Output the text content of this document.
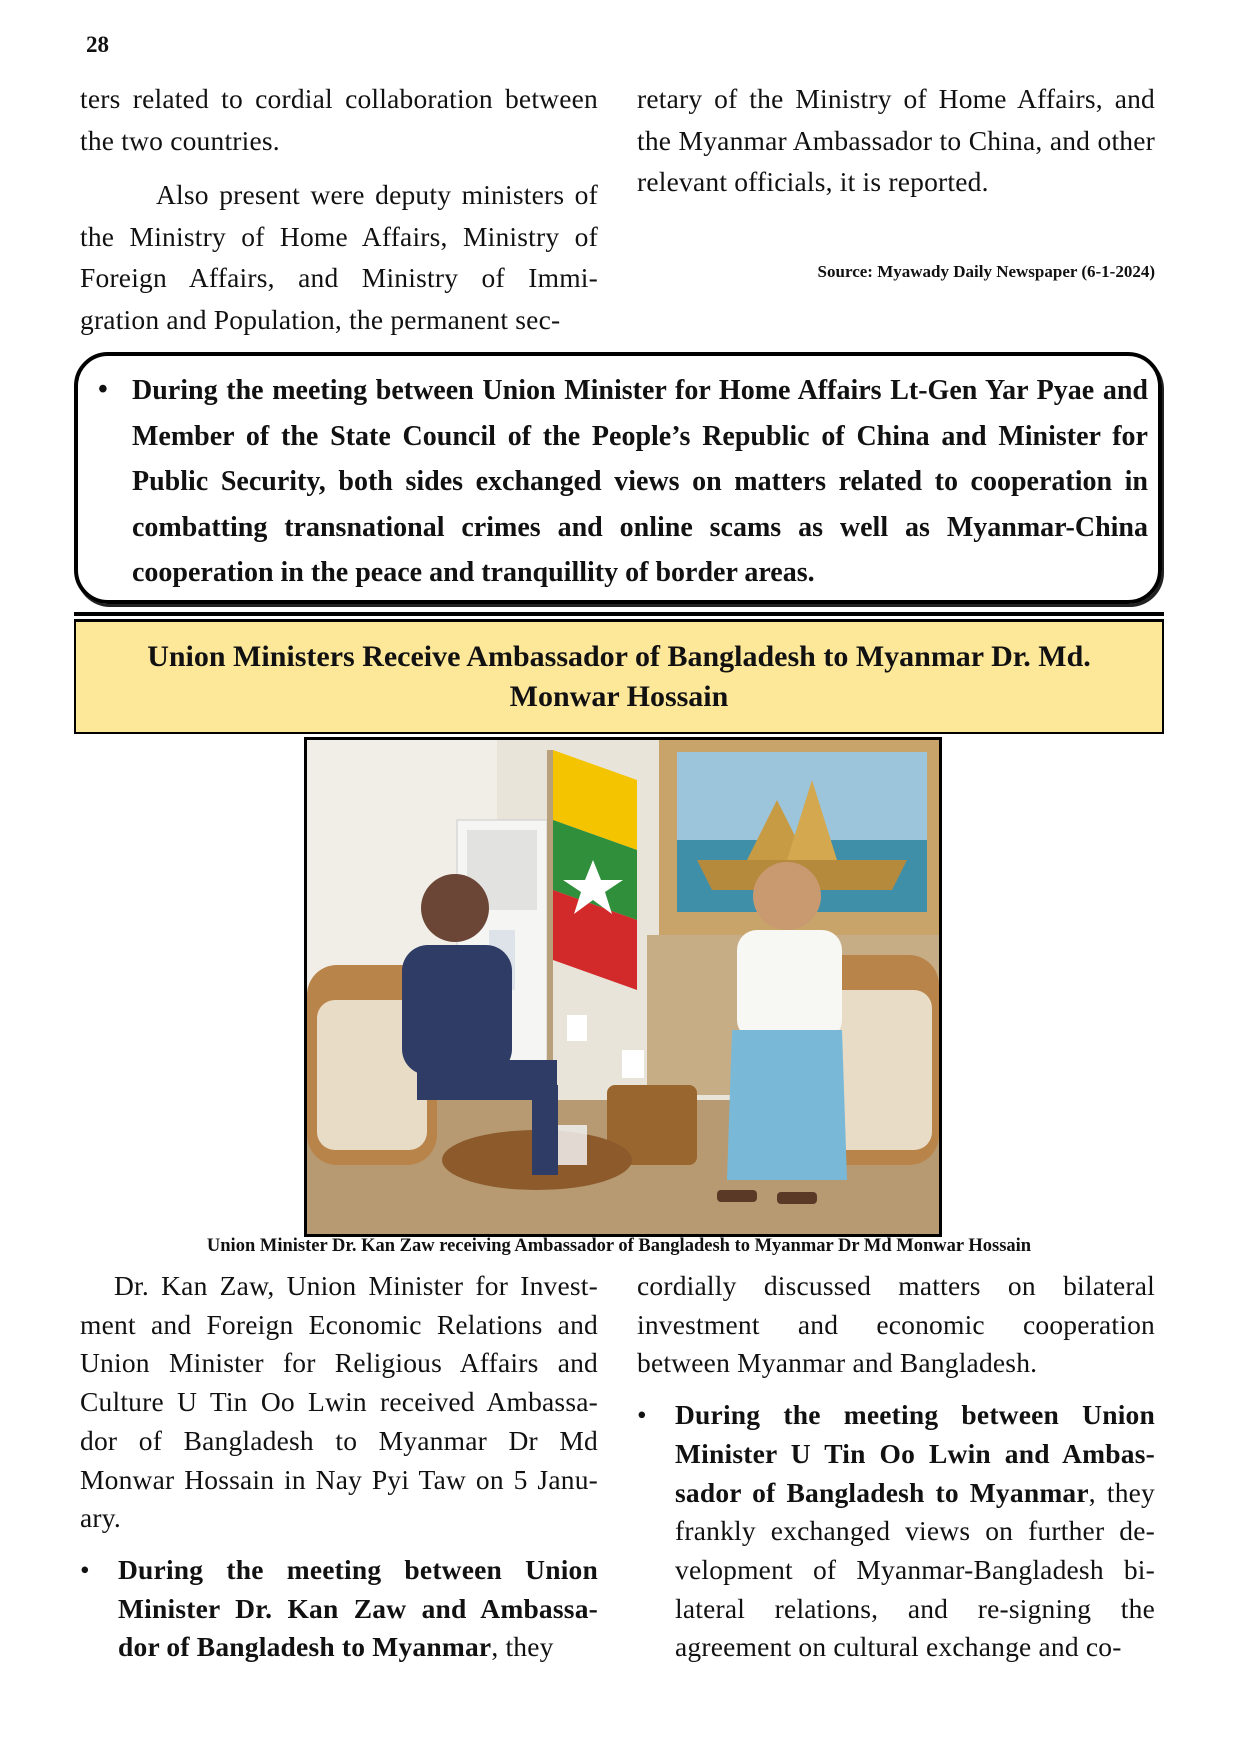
28

ters related to cordial collaboration between the two countries.

Also present were deputy ministers of the Ministry of Home Affairs, Ministry of Foreign Affairs, and Ministry of Immi- gration and Population, the permanent sec-

retary of the Ministry of Home Affairs, and the Myanmar Ambassador to China, and other relevant officials, it is reported.

Source: Myawady Daily Newspaper (6-1-2024)
• During the meeting between Union Minister for Home Affairs Lt-Gen Yar Pyae and Member of the State Council of the People’s Republic of China and Minister for Public Security, both sides exchanged views on matters related to cooperation in combatting transnational crimes and online scams as well as Myanmar-China cooperation in the peace and tranquillity of border areas.
Union Ministers Receive Ambassador of Bangladesh to Myanmar Dr. Md. Monwar Hossain
Union Minister Dr. Kan Zaw receiving Ambassador of Bangladesh to Myanmar Dr Md Monwar Hossain

Dr. Kan Zaw, Union Minister for Invest- ment and Foreign Economic Relations and Union Minister for Religious Affairs and Culture U Tin Oo Lwin received Ambassa- dor of Bangladesh to Myanmar Dr Md Monwar Hossain in Nay Pyi Taw on 5 Janu- ary.

• During the meeting between Union Minister Dr. Kan Zaw and Ambassa- dor of Bangladesh to Myanmar, they

cordially discussed matters on bilateral investment and economic cooperation between Myanmar and Bangladesh.

• During the meeting between Union Minister U Tin Oo Lwin and Ambas- sador of Bangladesh to Myanmar, they frankly exchanged views on further de- velopment of Myanmar-Bangladesh bi- lateral relations, and re-signing the agreement on cultural exchange and co-
